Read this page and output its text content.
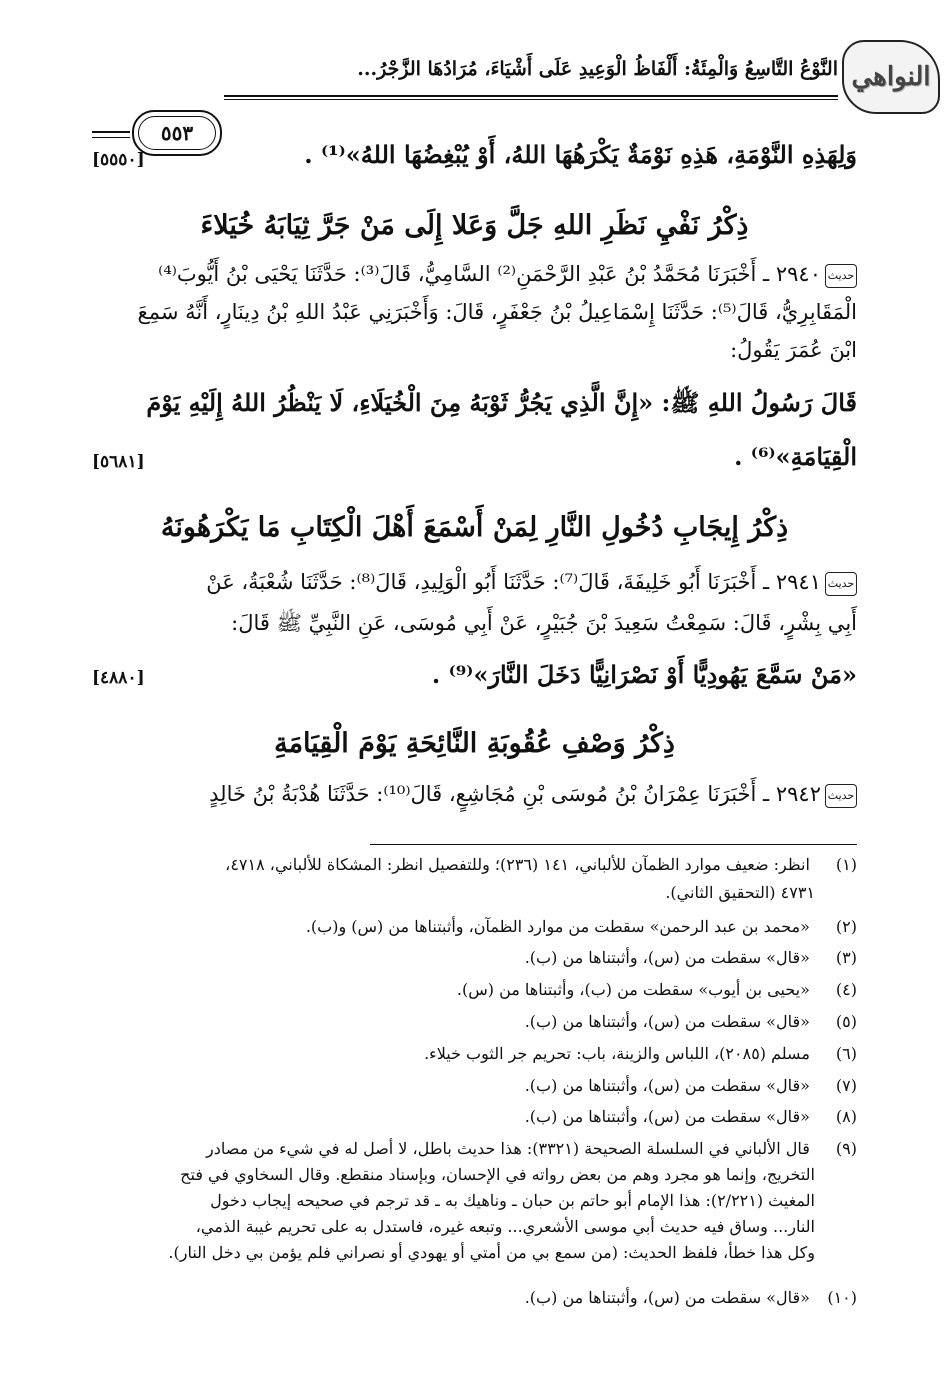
النواهي
النَّوْعُ التَّاسِعُ وَالْمِئَةُ: أَلْفَاظُ الْوَعِيدِ عَلَى أَشْيَاءَ، مُرَادُهَا الزَّجْرُ...
٥٥٣
وَلِهَذِهِ النَّوْمَةِ، هَذِهِ نَوْمَةٌ يَكْرَهُهَا اللهُ، أَوْ يُبْغِضُهَا اللهُ»⁽¹⁾ .
[٥٥٥٠]
ذِكْرُ نَفْيِ نَظَرِ اللهِ جَلَّ وَعَلا إِلَى مَنْ جَرَّ ثِيَابَهُ خُيَلاءَ
حديث٢٩٤٠ ـ أَخْبَرَنَا مُحَمَّدُ بْنُ عَبْدِ الرَّحْمَنِ⁽²⁾ السَّامِيُّ، قَالَ⁽³⁾: حَدَّثَنَا يَحْيَى بْنُ أَيُّوبَ⁽⁴⁾
الْمَقَابِرِيُّ، قَالَ⁽⁵⁾: حَدَّثَنَا إِسْمَاعِيلُ بْنُ جَعْفَرٍ، قَالَ: وَأَخْبَرَنِي عَبْدُ اللهِ بْنُ دِينَارٍ، أَنَّهُ سَمِعَ
ابْنَ عُمَرَ يَقُولُ:
قَالَ رَسُولُ اللهِ ﷺ: «إِنَّ الَّذِي يَجُرُّ ثَوْبَهُ مِنَ الْخُيَلَاءِ، لَا يَنْظُرُ اللهُ إِلَيْهِ يَوْمَ
الْقِيَامَةِ»⁽⁶⁾ .
[٥٦٨١]
ذِكْرُ إِيجَابِ دُخُولِ النَّارِ لِمَنْ أَسْمَعَ أَهْلَ الْكِتَابِ مَا يَكْرَهُونَهُ
حديث٢٩٤١ ـ أَخْبَرَنَا أَبُو خَلِيفَةَ، قَالَ⁽⁷⁾: حَدَّثَنَا أَبُو الْوَلِيدِ، قَالَ⁽⁸⁾: حَدَّثَنَا شُعْبَةُ، عَنْ
أَبِي بِشْرٍ، قَالَ: سَمِعْتُ سَعِيدَ بْنَ جُبَيْرٍ، عَنْ أَبِي مُوسَى، عَنِ النَّبِيِّ ﷺ قَالَ:
«مَنْ سَمَّعَ يَهُودِيًّا أَوْ نَصْرَانِيًّا دَخَلَ النَّارَ»⁽⁹⁾ .
[٤٨٨٠]
ذِكْرُ وَصْفِ عُقُوبَةِ النَّائِحَةِ يَوْمَ الْقِيَامَةِ
حديث٢٩٤٢ ـ أَخْبَرَنَا عِمْرَانُ بْنُ مُوسَى بْنِ مُجَاشِعٍ، قَالَ⁽¹⁰⁾: حَدَّثَنَا هُدْبَةُ بْنُ خَالِدٍ
(١) انظر: ضعيف موارد الظمآن للألباني، ١٤١ (٢٣٦)؛ وللتفصيل انظر: المشكاة للألباني، ٤٧١٨،
٤٧٣١ (التحقيق الثاني).
(٢) «محمد بن عبد الرحمن» سقطت من موارد الظمآن، وأثبتناها من (س) و(ب).
(٣) «قال» سقطت من (س)، وأثبتناها من (ب).
(٤) «يحيى بن أيوب» سقطت من (ب)، وأثبتناها من (س).
(٥) «قال» سقطت من (س)، وأثبتناها من (ب).
(٦) مسلم (٢٠٨٥)، اللباس والزينة، باب: تحريم جر الثوب خيلاء.
(٧) «قال» سقطت من (س)، وأثبتناها من (ب).
(٨) «قال» سقطت من (س)، وأثبتناها من (ب).
(٩) قال الألباني في السلسلة الصحيحة (٣٣٢١): هذا حديث باطل، لا أصل له في شيء من مصادر
التخريج، وإنما هو مجرد وهم من بعض رواته في الإحسان، وبإسناد منقطع. وقال السخاوي في فتح
المغيث (٢/٢٢١): هذا الإمام أبو حاتم بن حبان ـ وناهيك به ـ قد ترجم في صحيحه إيجاب دخول
النار... وساق فيه حديث أبي موسى الأشعري... وتبعه غيره، فاستدل به على تحريم غيبة الذمي،
وكل هذا خطأ، فلفظ الحديث: (من سمع بي من أمتي أو يهودي أو نصراني فلم يؤمن بي دخل النار).
(١٠) «قال» سقطت من (س)، وأثبتناها من (ب).
